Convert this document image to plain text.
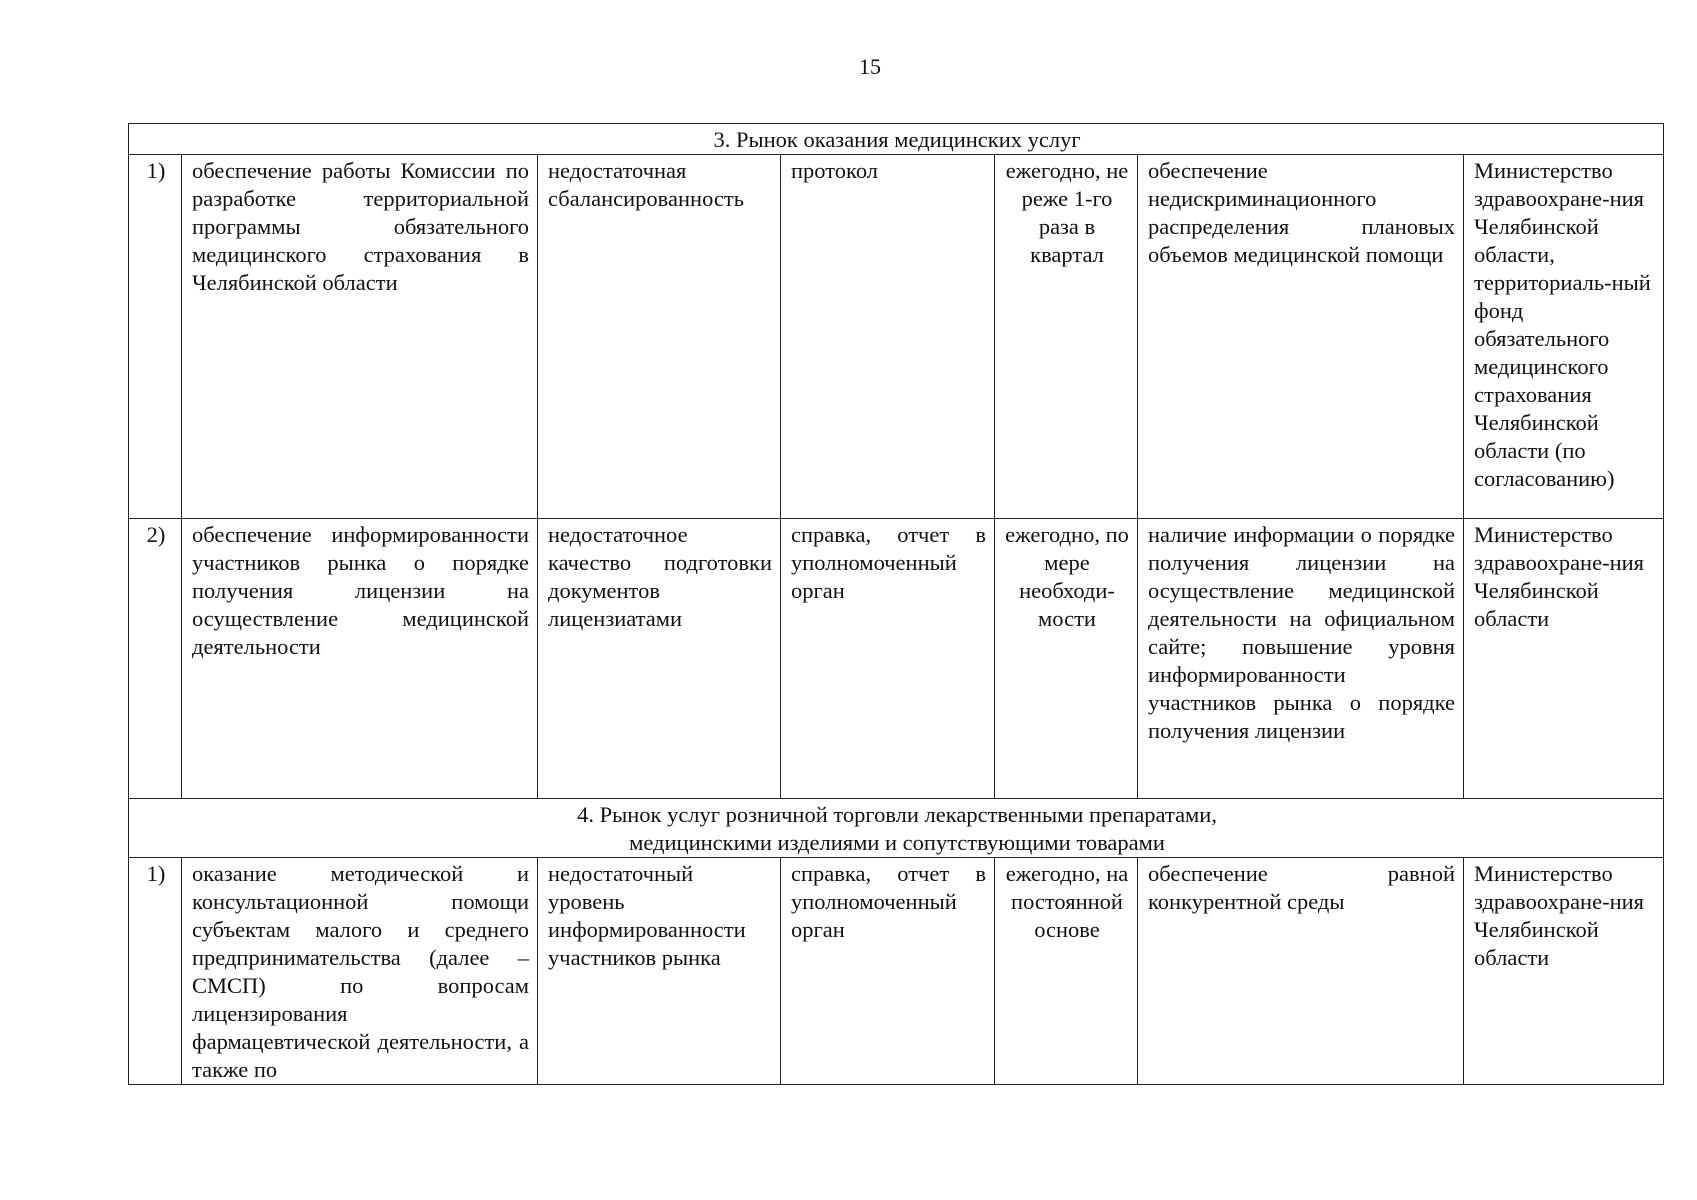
15
3. Рынок оказания медицинских услуг						
1)	обеспечение работы Комиссии по разработке территориальной программы обязательного медицинского страхования в Челябинской области	недостаточная сбалансированность	протокол	ежегодно, не реже 1-го раза в квартал	обеспечение недискриминационного распределения плановых объемов медицинской помощи	Министерство здравоохране-ния Челябинской области, территориаль-ный фонд обязательного медицинского страхования Челябинской области (по согласованию)
2)	обеспечение информированности участников рынка о порядке получения лицензии на осуществление медицинской деятельности	недостаточное качество подготовки документов лицензиатами	справка, отчет в уполномоченный орган	ежегодно, по мере необходи-мости	наличие информации о порядке получения лицензии на осуществление медицинской деятельности на официальном сайте; повышение уровня информированности участников рынка о порядке получения лицензии	Министерство здравоохране-ния Челябинской области

4. Рынок услуг розничной торговли лекарственными препаратами,
медицинскими изделиями и сопутствующими товарами						

1)	оказание методической и консультационной помощи субъектам малого и среднего предпринимательства (далее – СМСП) по вопросам лицензирования фармацевтической деятельности, а также по	недостаточный уровень информированности участников рынка	справка, отчет в уполномоченный орган	ежегодно, на постоянной основе	обеспечение равной конкурентной среды	Министерство здравоохране-ния Челябинской области
